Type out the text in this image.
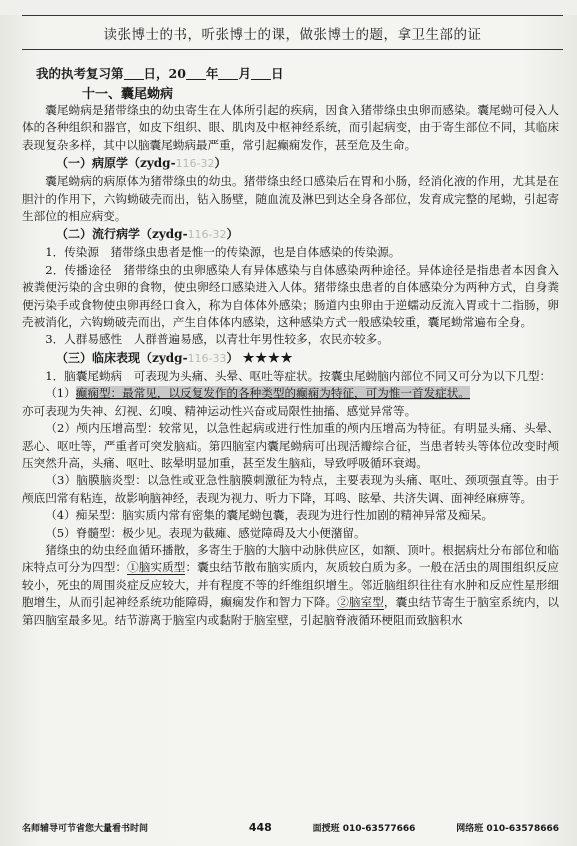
读张博士的书，听张博士的课，做张博士的题，拿卫生部的证
我的执考复习第 日，20 年 月 日
十一、囊尾蚴病

囊尾蚴病是猪带绦虫的幼虫寄生在人体所引起的疾病，因食入猪带绦虫虫卵而感染。囊尾蚴可侵入人体的各种组织和器官，如皮下组织、眼、肌肉及中枢神经系统，而引起病变，由于寄生部位不同，其临床表现复杂多样，其中以脑囊尾蚴病最严重，常引起癫痫发作，甚至危及生命。

（一）病原学（zydg-116-32）

囊尾蚴病的病原体为猪带绦虫的幼虫。猪带绦虫经口感染后在胃和小肠，经消化液的作用，尤其是在胆汁的作用下，六钩蚴破壳而出，钻入肠壁，随血流及淋巴到达全身各部位，发育成完整的尾蚴，引起寄生部位的相应病变。

（二）流行病学（zydg-116-32）

1．传染源　猪带绦虫患者是惟一的传染源，也是自体感染的传染源。

2．传播途径　猪带绦虫的虫卵感染人有异体感染与自体感染两种途径。异体途径是指患者本因食入被粪便污染的含虫卵的食物，使虫卵经口感染进入人体。猪带绦虫患者的自体感染分为两种方式，自身粪便污染手或食物使虫卵再经口食入，称为自体体外感染；肠道内虫卵由于逆蠕动反流入胃或十二指肠，卵壳被消化，六钩蚴破壳而出，产生自体体内感染，这种感染方式一般感染较重，囊尾蚴常遍布全身。

3．人群易感性　人群普遍易感，以青壮年男性较多，农民亦较多。

（三）临床表现（zydg-116-33） ★★★★

1．脑囊尾蚴病　可表现为头痛、头晕、呕吐等症状。按囊虫尾蚴脑内部位不同又可分为以下几型：

（1）癫痫型：最常见，以反复发作的各种类型的癫痫为特征，可为惟一首发症状。

亦可表现为失神、幻视、幻嗅、精神运动性兴奋或局限性抽搐、感觉异常等。

（2）颅内压增高型：较常见，以急性起病或进行性加重的颅内压增高为特征。有明显头痛、头晕、恶心、呕吐等，严重者可突发脑疝。第四脑室内囊尾蚴病可出现活瓣综合征，当患者转头等体位改变时颅压突然升高，头痛、呕吐、眩晕明显加重，甚至发生脑疝，导致呼吸循环衰竭。

（3）脑膜脑炎型：以急性或亚急性脑膜刺激征为特点，主要表现为头痛、呕吐、颈项强直等。由于颅底凹常有粘连，故影响脑神经，表现为视力、听力下降，耳鸣、眩晕、共济失调、面神经麻痹等。

（4）痴呆型：脑实质内常有密集的囊尾蚴包囊，表现为进行性加剧的精神异常及痴呆。

（5）脊髓型：极少见。表现为截瘫、感觉障碍及大小便潴留。

猪绦虫的幼虫经血循环播散，多寄生于脑的大脑中动脉供应区，如额、顶叶。根据病灶分布部位和临床特点可分为四型：①脑实质型：囊虫结节散布脑实质内，灰质较白质为多。一般在活虫的周围组织反应较小，死虫的周围炎症反应较大，并有程度不等的纤维组织增生。邻近脑组织往往有水肿和反应性星形细胞增生，从而引起神经系统功能障碍，癫痫发作和智力下降。②脑室型，囊虫结节寄生于脑室系统内，以第四脑室最多见。结节游离于脑室内或黏附于脑室壁，引起脑脊液循环梗阻而致脑积水

名师辅导可节省您大量看书时间	448	面授班 010-63577666	网络班 010-63578666
